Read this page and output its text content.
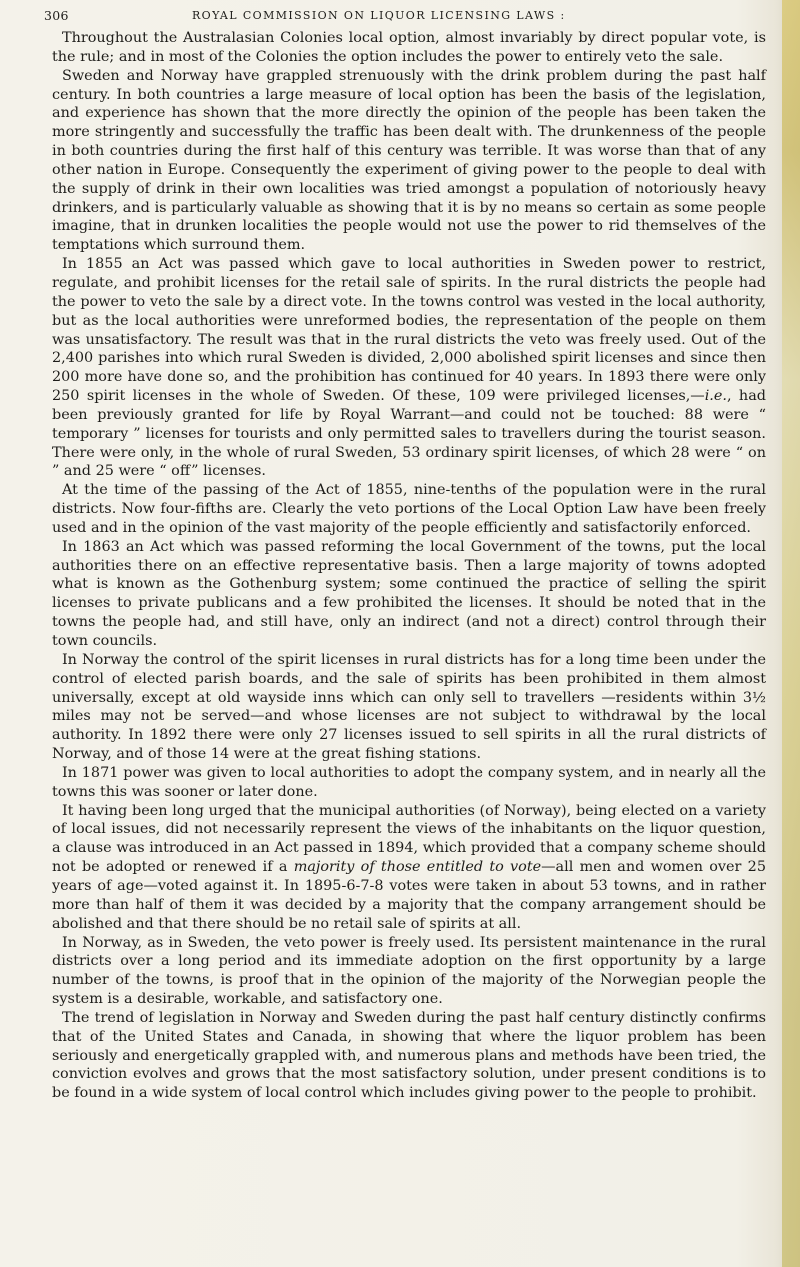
306	ROYAL COMMISSION ON LIQUOR LICENSING LAWS :

Throughout the Australasian Colonies local option, almost invariably by direct popular vote, is the rule; and in most of the Colonies the option includes the power to entirely veto the sale.

Sweden and Norway have grappled strenuously with the drink problem during the past half century. In both countries a large measure of local option has been the basis of the legislation, and experience has shown that the more directly the opinion of the people has been taken the more stringently and successfully the traffic has been dealt with. The drunkenness of the people in both countries during the first half of this century was terrible. It was worse than that of any other nation in Europe. Consequently the experiment of giving power to the people to deal with the supply of drink in their own localities was tried amongst a population of notoriously heavy drinkers, and is particularly valuable as showing that it is by no means so certain as some people imagine, that in drunken localities the people would not use the power to rid themselves of the temptations which surround them.

In 1855 an Act was passed which gave to local authorities in Sweden power to restrict, regulate, and prohibit licenses for the retail sale of spirits. In the rural districts the people had the power to veto the sale by a direct vote. In the towns control was vested in the local authority, but as the local authorities were unreformed bodies, the representation of the people on them was unsatisfactory. The result was that in the rural districts the veto was freely used. Out of the 2,400 parishes into which rural Sweden is divided, 2,000 abolished spirit licenses and since then 200 more have done so, and the prohibition has continued for 40 years. In 1893 there were only 250 spirit licenses in the whole of Sweden. Of these, 109 were privileged licenses,—i.e., had been previously granted for life by Royal Warrant—and could not be touched: 88 were “ temporary ” licenses for tourists and only permitted sales to travellers during the tourist season. There were only, in the whole of rural Sweden, 53 ordinary spirit licenses, of which 28 were “ on ” and 25 were “ off” licenses.

At the time of the passing of the Act of 1855, nine-tenths of the population were in the rural districts. Now four-fifths are. Clearly the veto portions of the Local Option Law have been freely used and in the opinion of the vast majority of the people efficiently and satisfactorily enforced.

In 1863 an Act which was passed reforming the local Government of the towns, put the local authorities there on an effective representative basis. Then a large majority of towns adopted what is known as the Gothenburg system; some continued the practice of selling the spirit licenses to private publicans and a few prohibited the licenses. It should be noted that in the towns the people had, and still have, only an indirect (and not a direct) control through their town councils.

In Norway the control of the spirit licenses in rural districts has for a long time been under the control of elected parish boards, and the sale of spirits has been prohibited in them almost universally, except at old wayside inns which can only sell to travellers —residents within 3½ miles may not be served—and whose licenses are not subject to withdrawal by the local authority. In 1892 there were only 27 licenses issued to sell spirits in all the rural districts of Norway, and of those 14 were at the great fishing stations.

In 1871 power was given to local authorities to adopt the company system, and in nearly all the towns this was sooner or later done.

It having been long urged that the municipal authorities (of Norway), being elected on a variety of local issues, did not necessarily represent the views of the inhabitants on the liquor question, a clause was introduced in an Act passed in 1894, which provided that a company scheme should not be adopted or renewed if a majority of those entitled to vote—all men and women over 25 years of age—voted against it. In 1895-6-7-8 votes were taken in about 53 towns, and in rather more than half of them it was decided by a majority that the company arrangement should be abolished and that there should be no retail sale of spirits at all.

In Norway, as in Sweden, the veto power is freely used. Its persistent maintenance in the rural districts over a long period and its immediate adoption on the first opportunity by a large number of the towns, is proof that in the opinion of the majority of the Norwegian people the system is a desirable, workable, and satisfactory one.

The trend of legislation in Norway and Sweden during the past half century distinctly confirms that of the United States and Canada, in showing that where the liquor problem has been seriously and energetically grappled with, and numerous plans and methods have been tried, the conviction evolves and grows that the most satisfactory solution, under present conditions is to be found in a wide system of local control which includes giving power to the people to prohibit.
